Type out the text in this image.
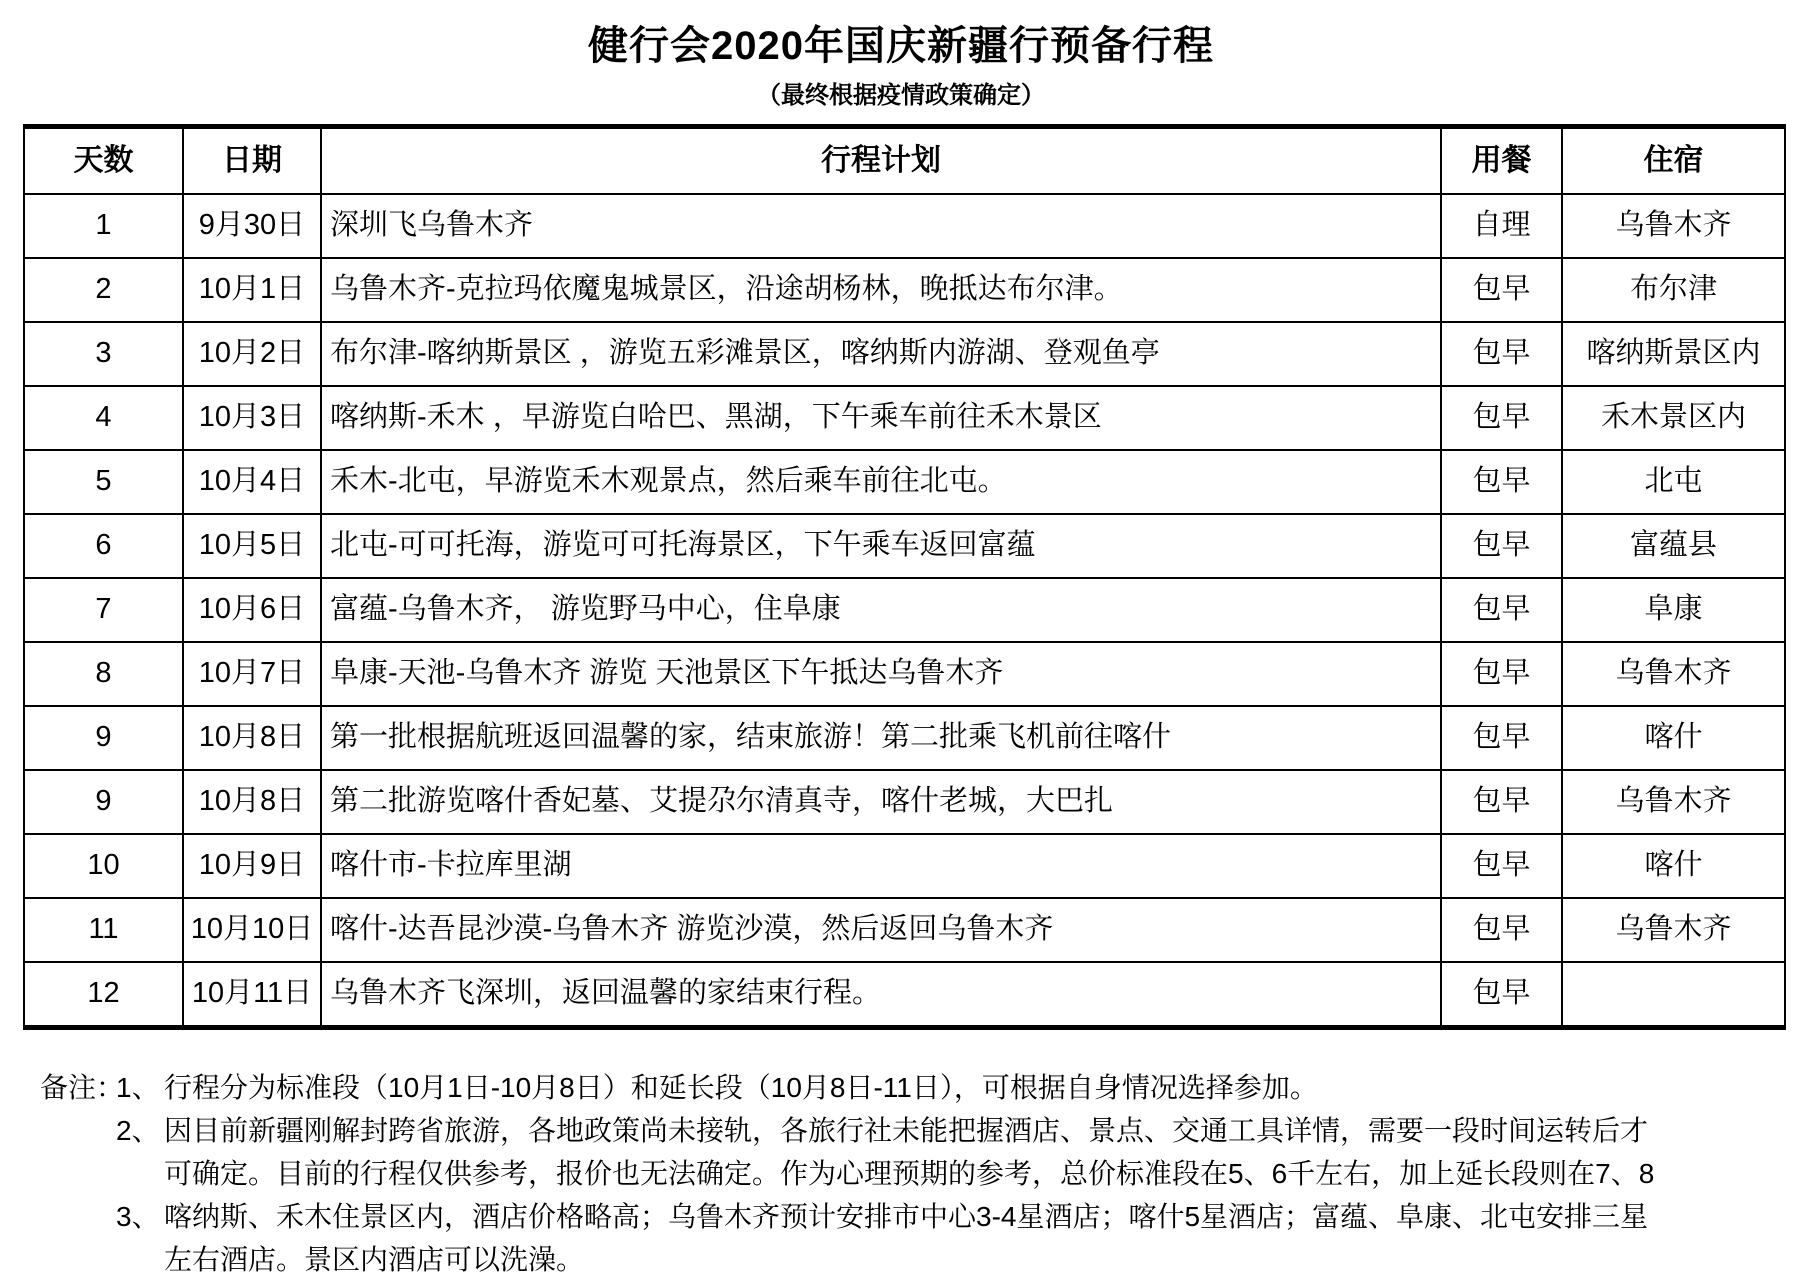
健行会2020年国庆新疆行预备行程
（最终根据疫情政策确定）
天数	日期	行程计划	用餐	住宿
1	9月30日	深圳飞乌鲁木齐	自理	乌鲁木齐
2	10月1日	乌鲁木齐-克拉玛依魔鬼城景区，沿途胡杨林，晚抵达布尔津。	包早	布尔津
3	10月2日	布尔津-喀纳斯景区 ，游览五彩滩景区，喀纳斯内游湖、登观鱼亭	包早	喀纳斯景区内
4	10月3日	喀纳斯-禾木 ，早游览白哈巴、黑湖，下午乘车前往禾木景区	包早	禾木景区内
5	10月4日	禾木-北屯，早游览禾木观景点，然后乘车前往北屯。	包早	北屯
6	10月5日	北屯-可可托海，游览可可托海景区，下午乘车返回富蕴	包早	富蕴县
7	10月6日	富蕴-乌鲁木齐， 游览野马中心，住阜康	包早	阜康
8	10月7日	阜康-天池-乌鲁木齐 游览 天池景区下午抵达乌鲁木齐	包早	乌鲁木齐
9	10月8日	第一批根据航班返回温馨的家，结束旅游！第二批乘飞机前往喀什	包早	喀什
9	10月8日	第二批游览喀什香妃墓、艾提尕尔清真寺，喀什老城，大巴扎	包早	乌鲁木齐
10	10月9日	喀什市-卡拉库里湖	包早	喀什
11	10月10日	喀什-达吾昆沙漠-乌鲁木齐 游览沙漠，然后返回乌鲁木齐	包早	乌鲁木齐
12	10月11日	乌鲁木齐飞深圳，返回温馨的家结束行程。	包早	
备注：
1、 行程分为标准段（10月1日-10月8日）和延长段（10月8日-11日），可根据自身情况选择参加。
2、 因目前新疆刚解封跨省旅游，各地政策尚未接轨，各旅行社未能把握酒店、景点、交通工具详情，需要一段时间运转后才可确定。目前的行程仅供参考，报价也无法确定。作为心理预期的参考，总价标准段在5、6千左右，加上延长段则在7、8
3、 喀纳斯、禾木住景区内，酒店价格略高；乌鲁木齐预计安排市中心3-4星酒店；喀什5星酒店；富蕴、阜康、北屯安排三星左右酒店。景区内酒店可以洗澡。
